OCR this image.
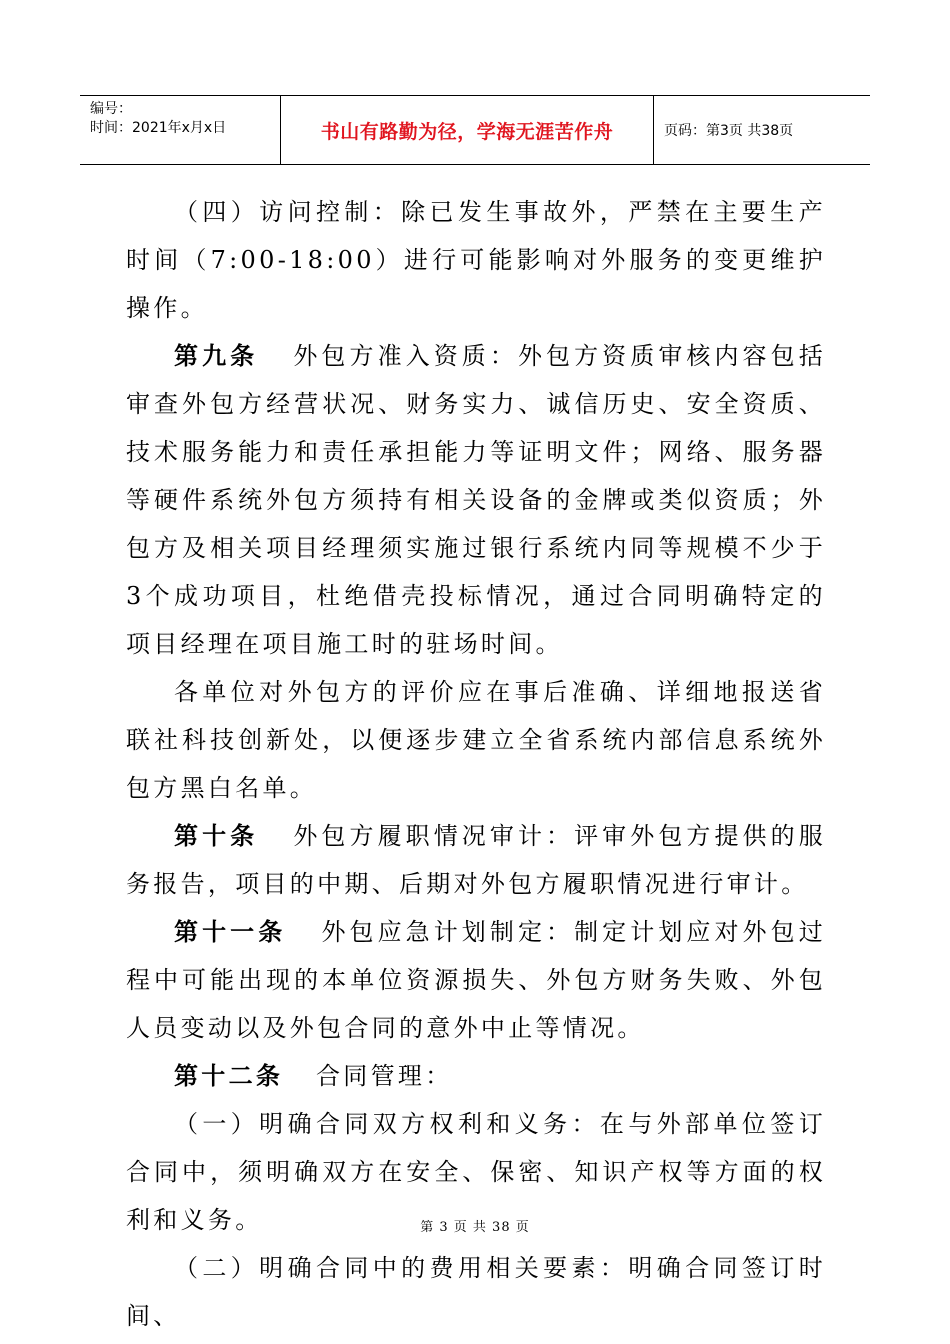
编号：
时间：2021年x月x日	书山有路勤为径，学海无涯苦作舟	页码：第3页 共38页

（四）访问控制：除已发生事故外，严禁在主要生产时间（7:00-18:00）进行可能影响对外服务的变更维护操作。

第九条 外包方准入资质：外包方资质审核内容包括审查外包方经营状况、财务实力、诚信历史、安全资质、技术服务能力和责任承担能力等证明文件；网络、服务器等硬件系统外包方须持有相关设备的金牌或类似资质；外包方及相关项目经理须实施过银行系统内同等规模不少于3个成功项目，杜绝借壳投标情况，通过合同明确特定的项目经理在项目施工时的驻场时间。

各单位对外包方的评价应在事后准确、详细地报送省联社科技创新处，以便逐步建立全省系统内部信息系统外包方黑白名单。

第十条 外包方履职情况审计：评审外包方提供的服务报告，项目的中期、后期对外包方履职情况进行审计。

第十一条 外包应急计划制定：制定计划应对外包过程中可能出现的本单位资源损失、外包方财务失败、外包人员变动以及外包合同的意外中止等情况。

第十二条 合同管理：

（一）明确合同双方权利和义务：在与外部单位签订合同中，须明确双方在安全、保密、知识产权等方面的权利和义务。

（二）明确合同中的费用相关要素：明确合同签订时间、

第 3 页 共 38 页
